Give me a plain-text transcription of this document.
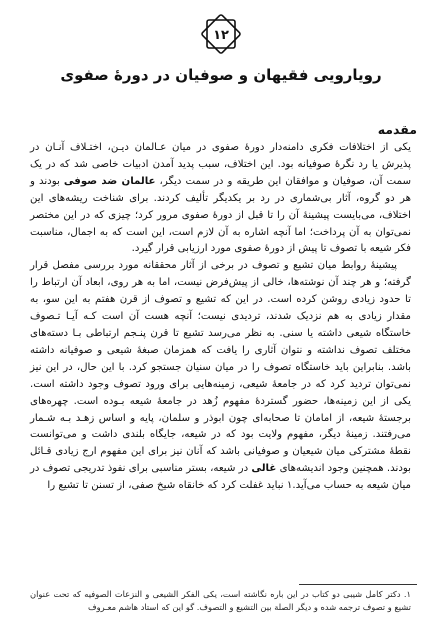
۱۲
رویارویی فقیهان و صوفیان در دورهٔ صفوی
مقدمه

یکی از اختلافات فکری دامنه‌دار دورهٔ صفوی در میان عـالمان دیـن، اختـلاف آنـان در پذیرش یا رد نگرهٔ صوفیانه بود. این اختلاف، سبب پدید آمدن ادبیات خاصی شد که در یک سمت آن، صوفیان و موافقان این طریقه و در سمت دیگر، عالمان ضد صوفی بودند و هر دو گروه، آثار بی‌شماری در رد بر یکدیگر تألیف کردند. برای شناخت ریشه‌های این اختلاف، می‌بایست پیشینهٔ آن را تا قبل از دورهٔ صفوی مرور کرد؛ چیزی که در این مختصر نمی‌توان به آن پرداخت؛ اما آنچه اشاره به آن لازم است، این است که به اجمال، مناسبت فکر شیعه با تصوف تا پیش از دورهٔ صفوی مورد ارزیابی قرار گیرد.

پیشینهٔ روابط میان تشیع و تصوف در برخی از آثار محققانه مورد بررسی مفصل قرار گرفته؛ و هر چند آن نوشته‌ها، خالی از پیش‌فرض نیست، اما به هر روی، ابعاد آن ارتباط را تا حدود زیادی روشن کرده است. در این که تشیع و تصوف از قرن هفتم به این سو، به مقدار زیادی به هم نزدیک شدند، تردیدی نیست؛ آنچه هست آن است کـه آیـا تـصوف خاستگاه شیعی داشته یا سنی. به نظر می‌رسد تشیع تا قرن پنـجم ارتباطی بـا دسته‌های مختلف تصوف نداشته و نتوان آثاری را یافت که همزمان صبغهٔ شیعی و صوفیانه داشته باشد. بنابراین باید خاستگاه تصوف را در میان سنیان جستجو کرد. با این حال، در این نیز نمی‌توان تردید کرد که در جامعهٔ شیعی، زمینه‌هایی برای ورود تصوف وجود داشته است. یکی از این زمینه‌ها، حضور گستردهٔ مفهوم زُهد در جامعهٔ شیعه بـوده است. چهره‌های برجستهٔ شیعه، از امامان تا صحابه‌ای چون ابوذر و سلمان، پایه و اساس زهـد بـه شـمار می‌رفتند. زمینهٔ دیگر، مفهوم ولایت بود که در شیعه، جایگاه بلندی داشت و می‌توانست نقطهٔ مشترکی میان شیعیان و صوفیانی باشد که آنان نیز برای این مفهوم ارج زیادی قـائل بودند. همچنین وجود اندیشه‌های غالی در شیعه، بستر مناسبی برای نفوذ تدریجی تصوف در میان شیعه به حساب می‌آید.۱ نباید غفلت کرد که خانقاه شیخ صفی، از تسنن تا تشیع را

۱. دکتر کامل شیبی دو کتاب در این باره نگاشته است، یکی الفکر الشیعی و النزعات الصوفیه که تحت عنوان تشیع و تصوف ترجمه شده و دیگر الصلة بین التشیع و التصوف. گو این که استاد هاشم معـروف
